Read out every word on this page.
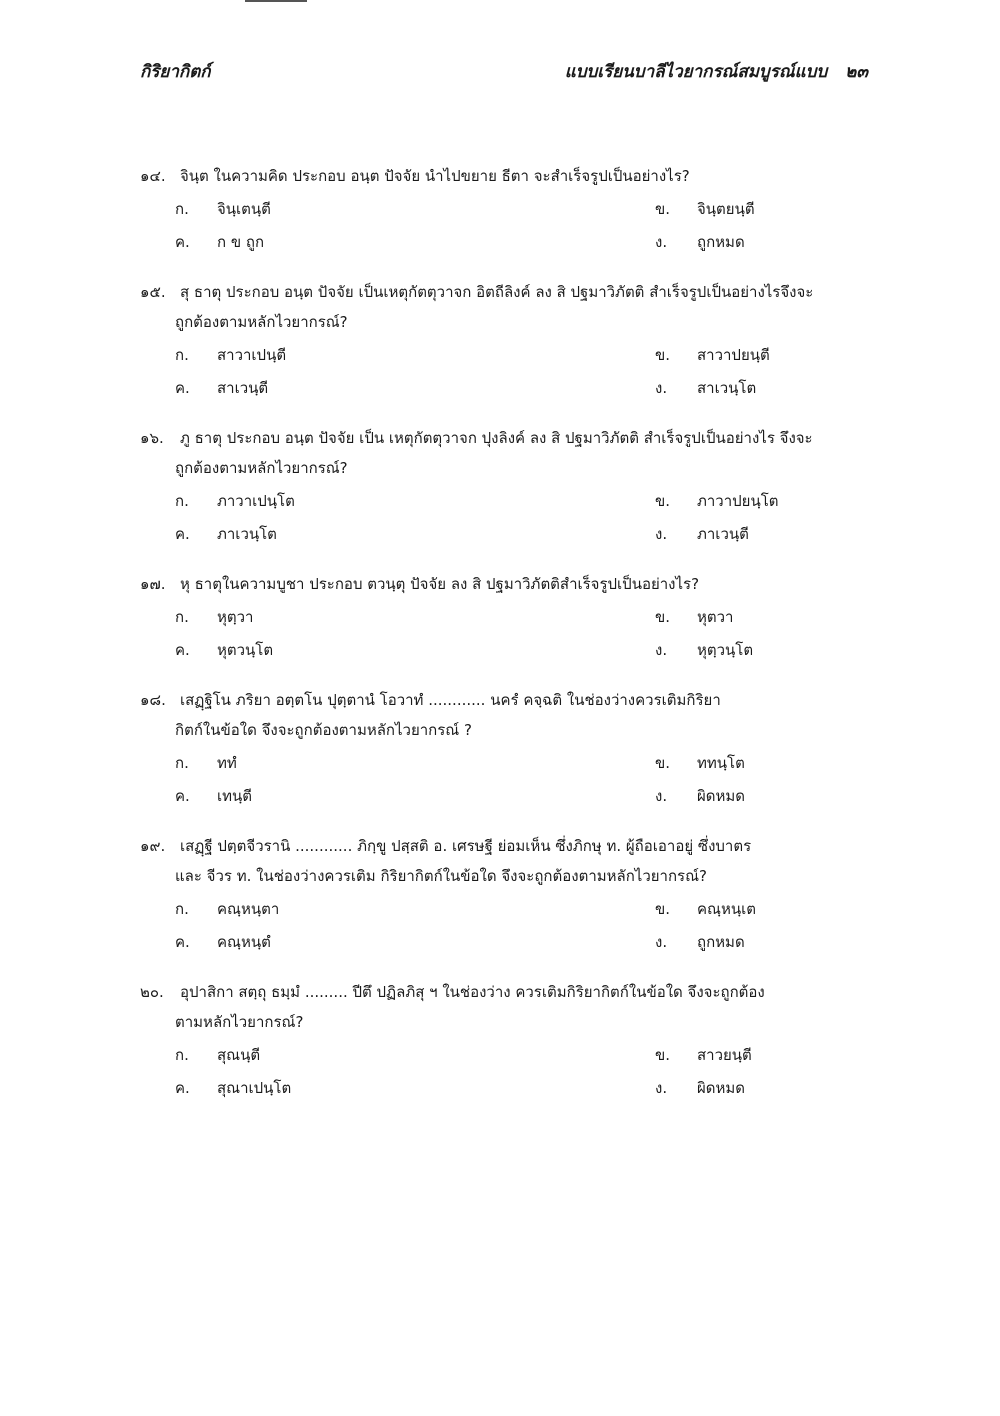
กิริยากิตก์	แบบเรียนบาลีไวยากรณ์สมบูรณ์แบบ ๒๓
๑๔. จินฺต ในความคิด ประกอบ อนฺต ปัจจัย นำไปขยาย ธีตา จะสำเร็จรูปเป็นอย่างไร?
ก.	จินฺเตนฺตี	ข.	จินฺตยนฺตี
ค.	ก ข ถูก	ง.	ถูกหมด
๑๕. สุ ธาตุ ประกอบ อนฺต ปัจจัย เป็นเหตุกัตตุวาจก อิตถีลิงค์ ลง สิ ปฐมาวิภัตติ สำเร็จรูปเป็นอย่างไรจึงจะ
ถูกต้องตามหลักไวยากรณ์?
ก.	สาวาเปนฺตี	ข.	สาวาปยนฺตี
ค.	สาเวนฺตี	ง.	สาเวนฺโต
๑๖.	ภู ธาตุ ประกอบ อนฺต ปัจจัย เป็น เหตุกัตตุวาจก ปุงลิงค์ ลง สิ ปฐมาวิภัตติ สำเร็จรูปเป็นอย่างไร จึงจะ
ถูกต้องตามหลักไวยากรณ์?
ก.	ภาวาเปนฺโต	ข.	ภาวาปยนฺโต
ค.	ภาเวนฺโต	ง.	ภาเวนฺตี
๑๗. หุ ธาตุในความบูชา ประกอบ ตวนฺตุ ปัจจัย ลง สิ ปฐมาวิภัตติสำเร็จรูปเป็นอย่างไร?
ก.	หุตฺวา	ข.	หุตวา
ค.	หุตวนฺโต	ง.	หุตฺวนฺโต
๑๘. เสฏฺฐิโน ภริยา อตฺตโน ปุตฺตานํ โอวาทํ ............ นครํ คจฺฉติ ในช่องว่างควรเติมกิริยา
กิตก์ในข้อใด จึงจะถูกต้องตามหลักไวยากรณ์ ?
ก.	ททํ	ข.	ททนฺโต
ค.	เทนฺตี	ง.	ผิดหมด
๑๙. เสฏฺฐี ปตฺตจีวรานิ ............ ภิกฺขู ปสฺสติ อ. เศรษฐี ย่อมเห็น ซึ่งภิกษุ ท. ผู้ถือเอาอยู่ ซึ่งบาตร
และ จีวร ท. ในช่องว่างควรเติม กิริยากิตก์ในข้อใด จึงจะถูกต้องตามหลักไวยากรณ์?
ก.	คณฺหนฺตา	ข.	คณฺหนฺเต
ค.	คณฺหนฺตํ	ง.	ถูกหมด
๒๐.	อุปาสิกา สตฺถุ ธมฺมํ ......... ปีตึ ปฏิลภิสุ ฯ ในช่องว่าง ควรเติมกิริยากิตก์ในข้อใด จึงจะถูกต้อง
ตามหลักไวยากรณ์?
ก.	สุณนฺตี	ข.	สาวยนฺตี
ค.	สุณาเปนฺโต	ง.	ผิดหมด
